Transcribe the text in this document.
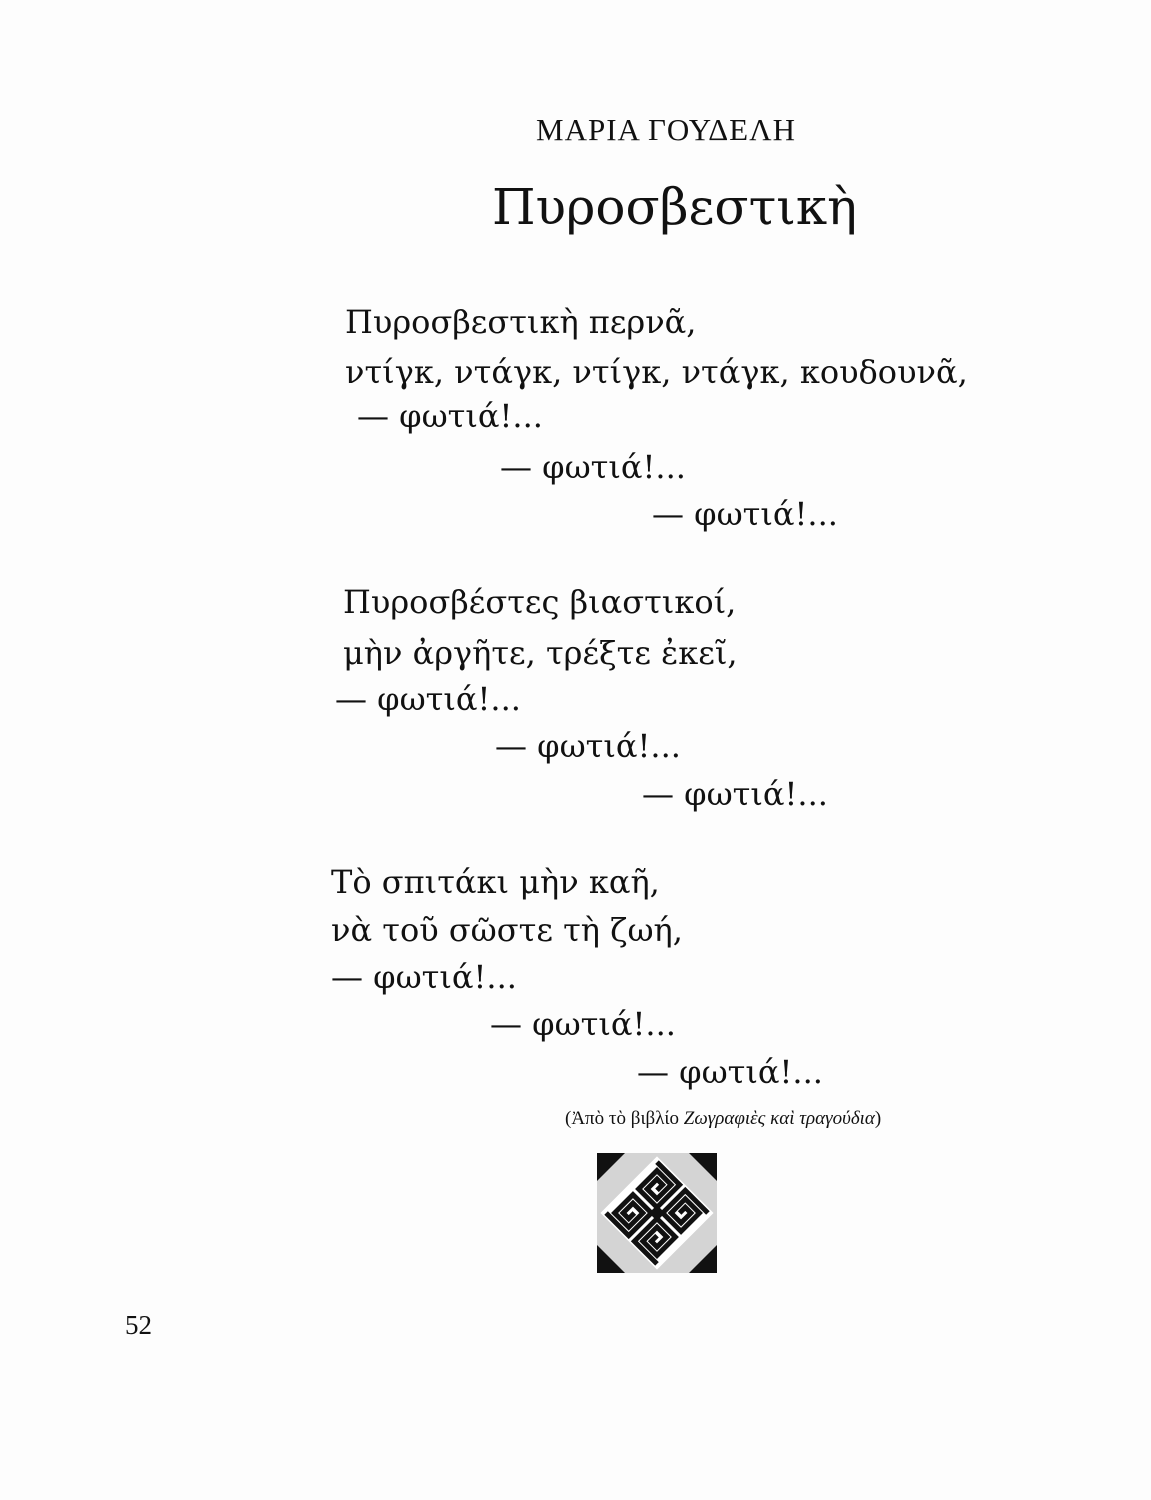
ΜΑΡΙΑ ΓΟΥΔΕΛΗ
Πυροσβεστικὴ
Πυροσβεστικὴ περνᾶ,
ντίγκ, ντάγκ, ντίγκ, ντάγκ, κουδουνᾶ,
— φωτιά!...
— φωτιά!...
— φωτιά!...
Πυροσβέστες βιαστικοί,
μὴν ἀργῆτε, τρέξτε ἐκεῖ,
— φωτιά!...
— φωτιά!...
— φωτιά!...
Τὸ σπιτάκι μὴν καῆ,
νὰ τοῦ σῶστε τὴ ζωή,
— φωτιά!...
— φωτιά!...
— φωτιά!...
(Ἀπὸ τὸ βιβλίο Ζωγραφιὲς καὶ τραγούδια)
52
